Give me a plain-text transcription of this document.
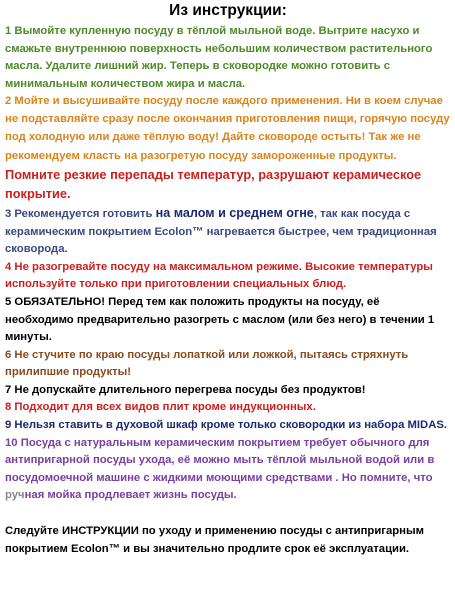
Из инструкции:

1 Вымойте купленную посуду в тёплой мыльной воде. Вытрите насухо и смажьте внутреннюю поверхность небольшим количеством растительного масла. Удалите лишний жир. Теперь в сковородке можно готовить с минимальным количеством жира и масла.

2 Мойте и высушивайте посуду после каждого применения. Ни в коем случае не подставляйте сразу после окончания приготовления пищи, горячую посуду под холодную или даже тёплую воду! Дайте сковороде остыть! Так же не рекомендуем класть на разогретую посуду замороженные продукты. Помните резкие перепады температур, разрушают керамическое покрытие.

3 Рекомендуется готовить на малом и среднем огне, так как посуда с керамическим покрытием Ecolon™ нагревается быстрее, чем традиционная сковорода.

4 Не разогревайте посуду на максимальном режиме. Высокие температуры используйте только при приготовлении специальных блюд.

5 ОБЯЗАТЕЛЬНО! Перед тем как положить продукты на посуду, её необходимо предварительно разогреть с маслом (или без него) в течении 1 минуты.

6 Не стучите по краю посуды лопаткой или ложкой, пытаясь стряхнуть прилипшие продукты!

7 Не допускайте длительного перегрева посуды без продуктов!

8 Подходит для всех видов плит кроме индукционных.

9 Нельзя ставить в духовой шкаф кроме только сковородки из набора MIDAS.

10 Посуда с натуральным керамическим покрытием требует обычного для антипригарной посуды ухода, её можно мыть тёплой мыльной водой или в посудомоечной машине с жидкими моющими средствами . Но помните, что ручная мойка продлевает жизнь посуды.

Следуйте ИНСТРУКЦИИ по уходу и применению посуды с антипригарным покрытием Ecolon™ и вы значительно продлите срок её эксплуатации.
